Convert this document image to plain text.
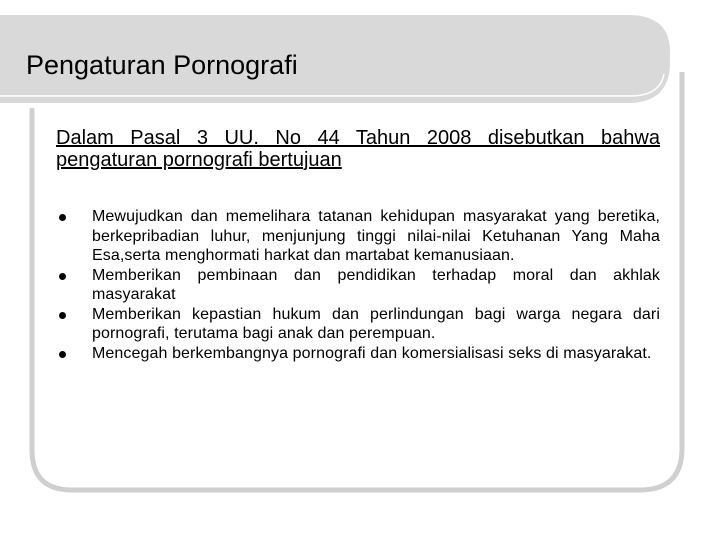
Pengaturan Pornografi
Dalam Pasal 3 UU. No 44 Tahun 2008 disebutkan bahwa pengaturan pornografi bertujuan
Mewujudkan dan memelihara tatanan kehidupan masyarakat yang beretika, berkepribadian luhur, menjunjung tinggi nilai-nilai Ketuhanan Yang Maha Esa,serta menghormati harkat dan martabat kemanusiaan.
Memberikan pembinaan dan pendidikan terhadap moral dan akhlak masyarakat
Memberikan kepastian hukum dan perlindungan bagi warga negara dari pornografi, terutama bagi anak dan perempuan.
Mencegah berkembangnya pornografi dan komersialisasi seks di masyarakat.
